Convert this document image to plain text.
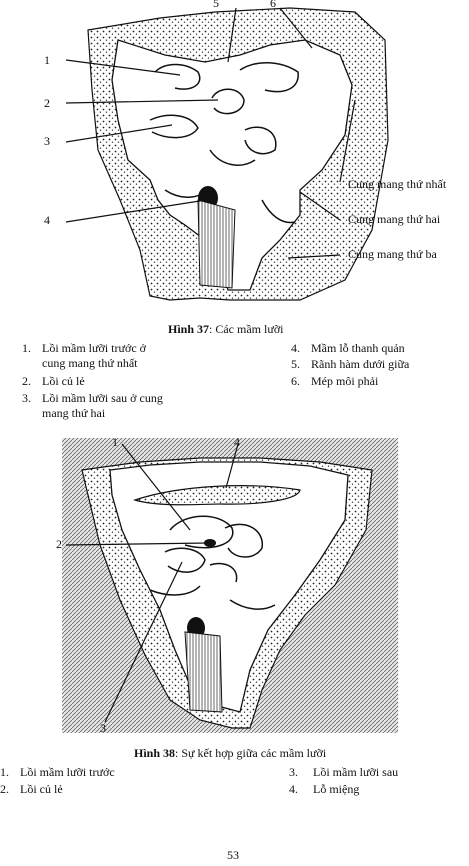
5	6
1
2
3
4
Cung mang thứ nhất
Cung mang thứ hai
Cung mang thứ ba
Hình 37: Các mầm lưỡi
1. Lồi mầm lưỡi trước ở
cung mang thứ nhất
2. Lồi củ lẻ
3. Lồi mầm lưỡi sau ở cung
mang thứ hai
4. Mầm lỗ thanh quản
5. Rãnh hàm dưới giữa
6. Mép môi phải
1	4
2
3
Hình 38: Sự kết hợp giữa các mầm lưỡi
1. Lồi mầm lưỡi trước
2. Lồi củ lẻ
3. Lồi mầm lưỡi sau
4. Lỗ miệng
53
